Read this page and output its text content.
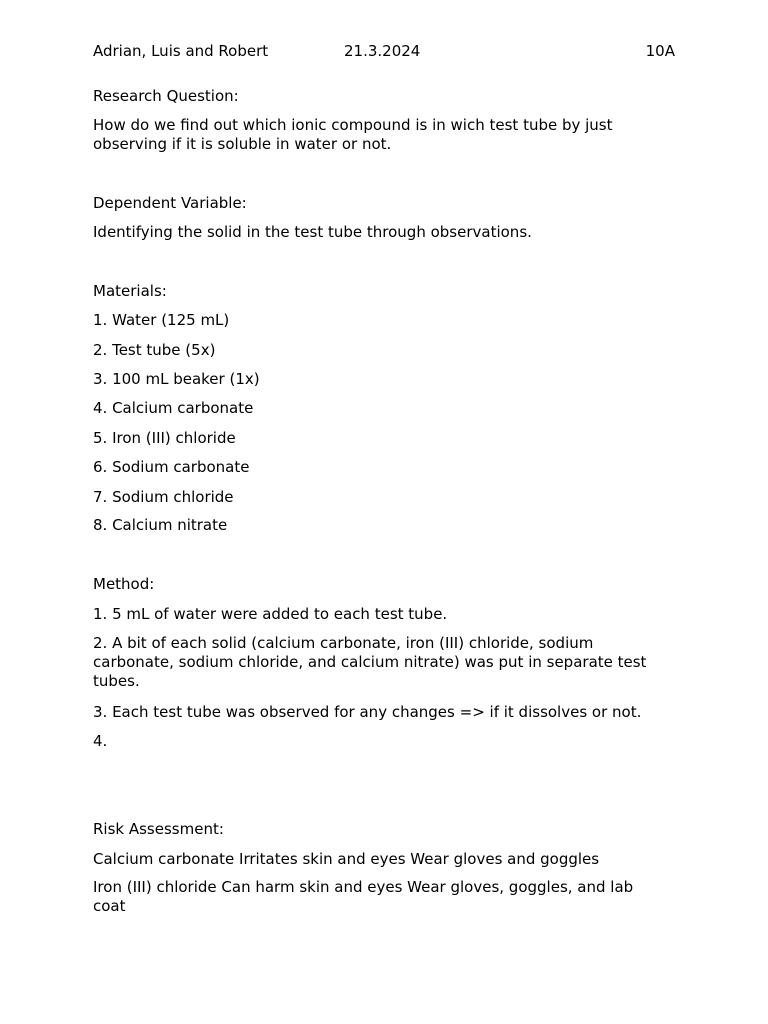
Adrian, Luis and Robert	21.3.2024	10A

Research Question:

How do we find out which ionic compound is in wich test tube by just observing if it is soluble in water or not.

Dependent Variable:

Identifying the solid in the test tube through observations.

Materials:

1. Water (125 mL)

2. Test tube (5x)

3. 100 mL beaker (1x)

4. Calcium carbonate

5. Iron (III) chloride

6. Sodium carbonate

7. Sodium chloride

8. Calcium nitrate

Method:

1. 5 mL of water were added to each test tube.

2. A bit of each solid (calcium carbonate, iron (III) chloride, sodium carbonate, sodium chloride, and calcium nitrate) was put in separate test tubes.

3. Each test tube was observed for any changes => if it dissolves or not.

4.

Risk Assessment:

Calcium carbonate Irritates skin and eyes Wear gloves and goggles

Iron (III) chloride Can harm skin and eyes Wear gloves, goggles, and lab coat
